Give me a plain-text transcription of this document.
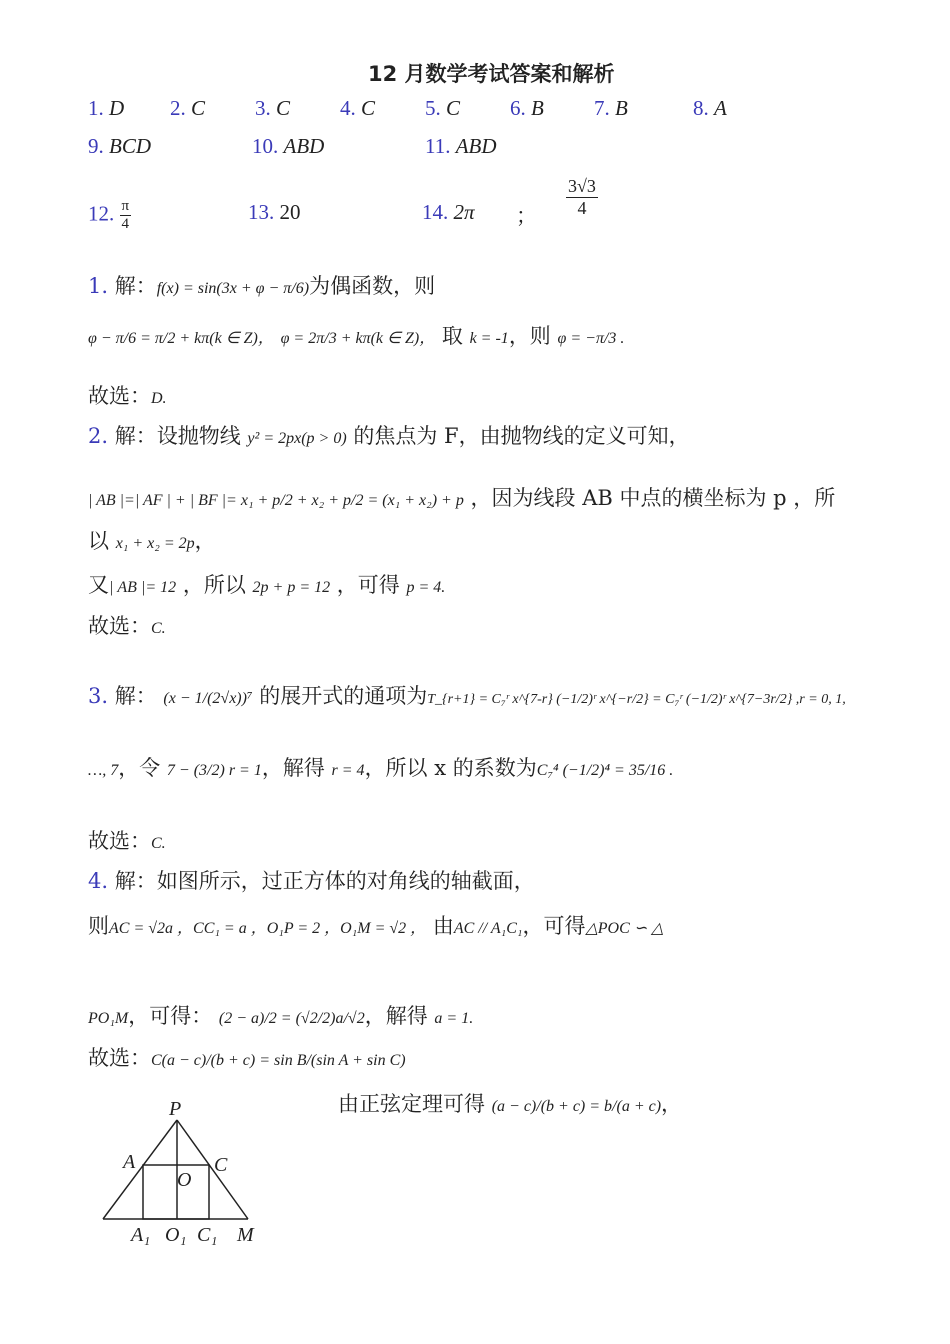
12 月数学考试答案和解析
1. D 2. C 3. C 4. C 5. C 6. B 7. B	8. A
9. BCD	10. ABD	11. ABD
12. $\frac{\pi}{4}$	13. 20	14. 2π ； $\frac{3√3}{4}$
1. 解：f(x) = sin(3x + φ − π/6)为偶函数，则
φ − π/6 = π/2 + kπ(k ∈ Z)， φ = 2π/3 + kπ(k ∈ Z)， 取 k = -1，则 φ = −π/3 .
故选：D.
2. 解：设抛物线 y² = 2px(p > 0) 的焦点为 F，由抛物线的定义可知，
| AB |=| AF | + | BF |= x₁ + p/2 + x₂ + p/2 = (x₁ + x₂) + p ，因为线段 AB 中点的横坐标为 p ，所
以 x₁ + x₂ = 2p，
又| AB |= 12 ，所以 2p + p = 12 ，可得 p = 4.
故选：C.
3. 解： (x − 1/(2√x))⁷ 的展开式的通项为T_{r+1} = C₇ʳ x^{7-r} (−1/2)ʳ x^{−r/2} = C₇ʳ (−1/2)ʳ x^{7−3r/2} ,r = 0, 1,
…, 7，令 7 − (3/2) r = 1，解得 r = 4，所以 x 的系数为C₇⁴ (−1/2)⁴ = 35/16 .
故选：C.
4. 解：如图所示，过正方体的对角线的轴截面，
则AC = √2a ，CC₁ = a ，O₁P = 2 ，O₁M = √2 ， 由AC // A₁C₁，可得△POC ∽ △
PO₁M，可得： (2 − a)/2 = (√2/2)a/√2，解得 a = 1.
故选：C(a − c)/(b + c) = sin B/(sin A + sin C)
由正弦定理可得 (a − c)/(b + c) = b/(a + c)，
P
A	C
O
A₁ O₁ C₁ M
